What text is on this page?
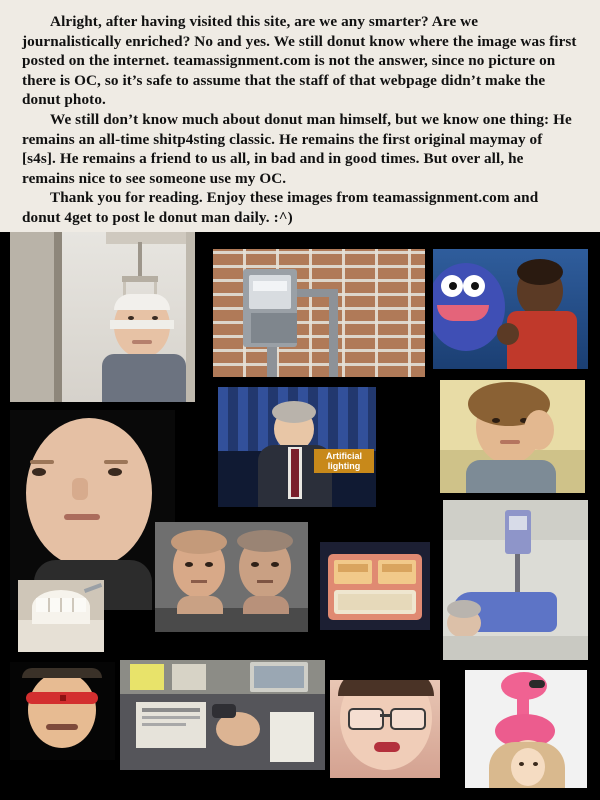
Alright, after having visited this site, are we any smarter? Are we journalistically enriched? No and yes. We still donut know where the image was first posted on the internet. teamassignment.com is not the answer, since no picture on there is OC, so it’s safe to assume that the staff of that webpage didn’t make the donut photo.

We still don’t know much about donut man himself, but we know one thing: He remains an all-time shitp4sting classic. He remains the first original maymay of [s4s]. He remains a friend to us all, in bad and in good times. But over all, he remains nice to see someone use my OC.

Thank you for reading. Enjoy these images from teamassignment.com and donut 4get to post le donut man daily. :^)

Artificial lighting
